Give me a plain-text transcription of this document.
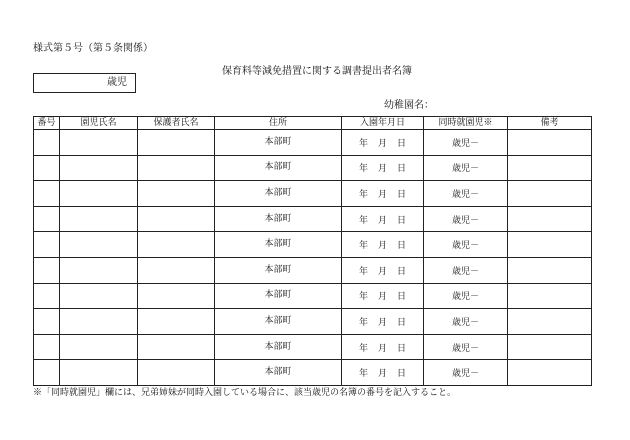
様式第５号（第５条関係）
保育料等減免措置に関する調書提出者名簿
歳児
幼稚園名：
番号	園児氏名	保護者氏名	住所	入園年月日	同時就園児※	備考
			本部町	年 月 日	歳児－	
			本部町	年 月 日	歳児－	
			本部町	年 月 日	歳児－	
			本部町	年 月 日	歳児－	
			本部町	年 月 日	歳児－	
			本部町	年 月 日	歳児－	
			本部町	年 月 日	歳児－	
			本部町	年 月 日	歳児－	
			本部町	年 月 日	歳児－	
			本部町	年 月 日	歳児－	
※「同時就園児」欄には、兄弟姉妹が同時入園している場合に、該当歳児の名簿の番号を記入すること。
